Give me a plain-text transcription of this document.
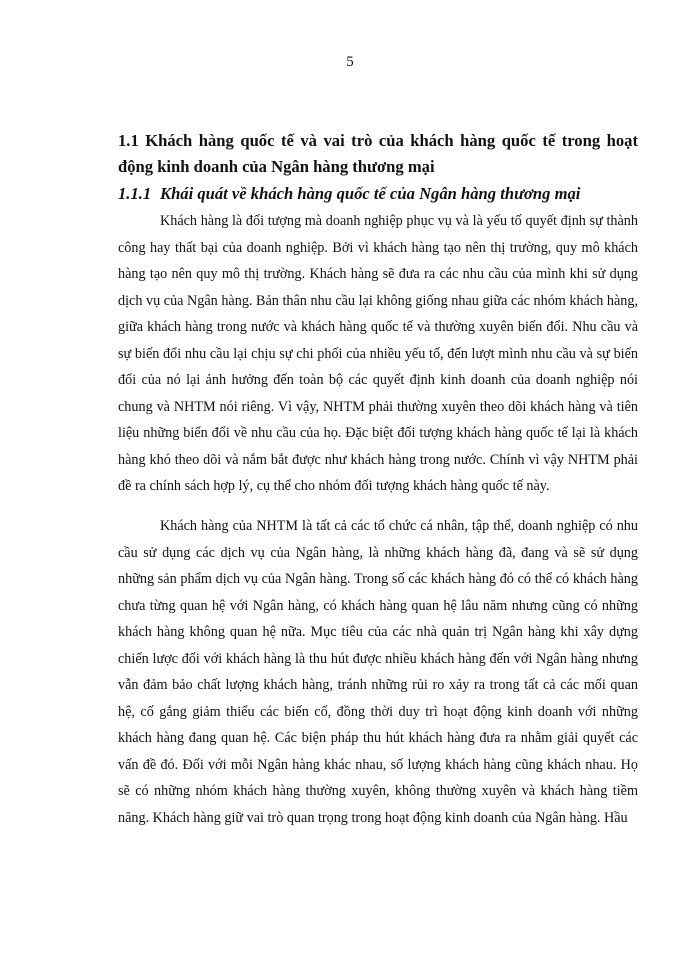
5
1.1 Khách hàng quốc tế và vai trò của khách hàng quốc tế trong hoạt động kinh doanh của Ngân hàng thương mại
1.1.1 Khái quát về khách hàng quốc tế của Ngân hàng thương mại

Khách hàng là đối tượng mà doanh nghiệp phục vụ và là yếu tố quyết định sự thành công hay thất bại của doanh nghiệp. Bởi vì khách hàng tạo nên thị trường, quy mô khách hàng tạo nên quy mô thị trường. Khách hàng sẽ đưa ra các nhu cầu của mình khi sử dụng dịch vụ của Ngân hàng. Bản thân nhu cầu lại không giống nhau giữa các nhóm khách hàng, giữa khách hàng trong nước và khách hàng quốc tế và thường xuyên biến đổi. Nhu cầu và sự biến đổi nhu cầu lại chịu sự chi phối của nhiều yếu tố, đến lượt mình nhu cầu và sự biến đổi của nó lại ảnh hưởng đến toàn bộ các quyết định kinh doanh của doanh nghiệp nói chung và NHTM nói riêng. Vì vậy, NHTM phải thường xuyên theo dõi khách hàng và tiên liệu những biến đổi về nhu cầu của họ. Đặc biệt đối tượng khách hàng quốc tế lại là khách hàng khó theo dõi và nắm bắt được như khách hàng trong nước. Chính vì vậy NHTM phải đề ra chính sách hợp lý, cụ thể cho nhóm đối tượng khách hàng quốc tế này.

Khách hàng của NHTM là tất cả các tổ chức cá nhân, tập thể, doanh nghiệp có nhu cầu sử dụng các dịch vụ của Ngân hàng, là những khách hàng đã, đang và sẽ sử dụng những sản phẩm dịch vụ của Ngân hàng. Trong số các khách hàng đó có thể có khách hàng chưa từng quan hệ với Ngân hàng, có khách hàng quan hệ lâu năm nhưng cũng có những khách hàng không quan hệ nữa. Mục tiêu của các nhà quản trị Ngân hàng khi xây dựng chiến lược đối với khách hàng là thu hút được nhiều khách hàng đến với Ngân hàng nhưng vẫn đảm bảo chất lượng khách hàng, tránh những rủi ro xảy ra trong tất cả các mối quan hệ, cố gắng giảm thiểu các biến cố, đồng thời duy trì hoạt động kinh doanh với những khách hàng đang quan hệ. Các biện pháp thu hút khách hàng đưa ra nhằm giải quyết các vấn đề đó. Đối với mỗi Ngân hàng khác nhau, số lượng khách hàng cũng khách nhau. Họ sẽ có những nhóm khách hàng thường xuyên, không thường xuyên và khách hàng tiềm năng. Khách hàng giữ vai trò quan trọng trong hoạt động kinh doanh của Ngân hàng. Hầu
